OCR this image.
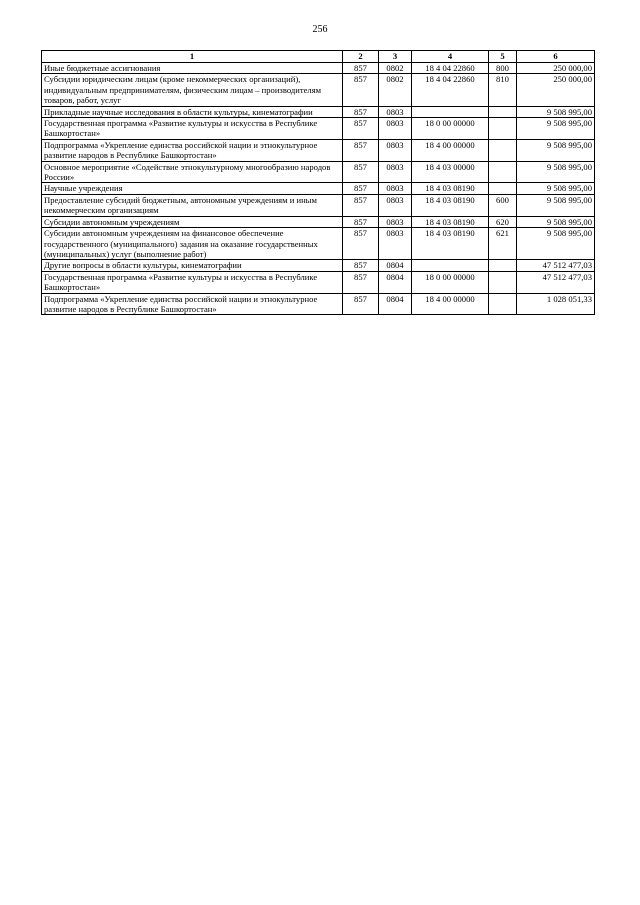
256
1	2	3	4	5	6
Иные бюджетные ассигнования	857	0802	18 4 04 22860	800	250 000,00
Субсидии юридическим лицам (кроме некоммерческих организаций), индивидуальным предпринимателям, физическим лицам – производителям товаров, работ, услуг	857	0802	18 4 04 22860	810	250 000,00
Прикладные научные исследования в области культуры, кинематографии	857	0803			9 508 995,00
Государственная программа «Развитие культуры и искусства в Республике Башкортостан»	857	0803	18 0 00 00000		9 508 995,00
Подпрограмма «Укрепление единства российской нации и этнокультурное развитие народов в Республике Башкортостан»	857	0803	18 4 00 00000		9 508 995,00
Основное мероприятие «Содействие этнокультурному многообразию народов России»	857	0803	18 4 03 00000		9 508 995,00
Научные учреждения	857	0803	18 4 03 08190		9 508 995,00
Предоставление субсидий бюджетным, автономным учреждениям и иным некоммерческим организациям	857	0803	18 4 03 08190	600	9 508 995,00
Субсидии автономным учреждениям	857	0803	18 4 03 08190	620	9 508 995,00
Субсидии автономным учреждениям на финансовое обеспечение государственного (муниципального) задания на оказание государственных (муниципальных) услуг (выполнение работ)	857	0803	18 4 03 08190	621	9 508 995,00
Другие вопросы в области культуры, кинематографии	857	0804			47 512 477,03
Государственная программа «Развитие культуры и искусства в Республике Башкортостан»	857	0804	18 0 00 00000		47 512 477,03
Подпрограмма «Укрепление единства российской нации и этнокультурное развитие народов в Республике Башкортостан»	857	0804	18 4 00 00000		1 028 051,33
